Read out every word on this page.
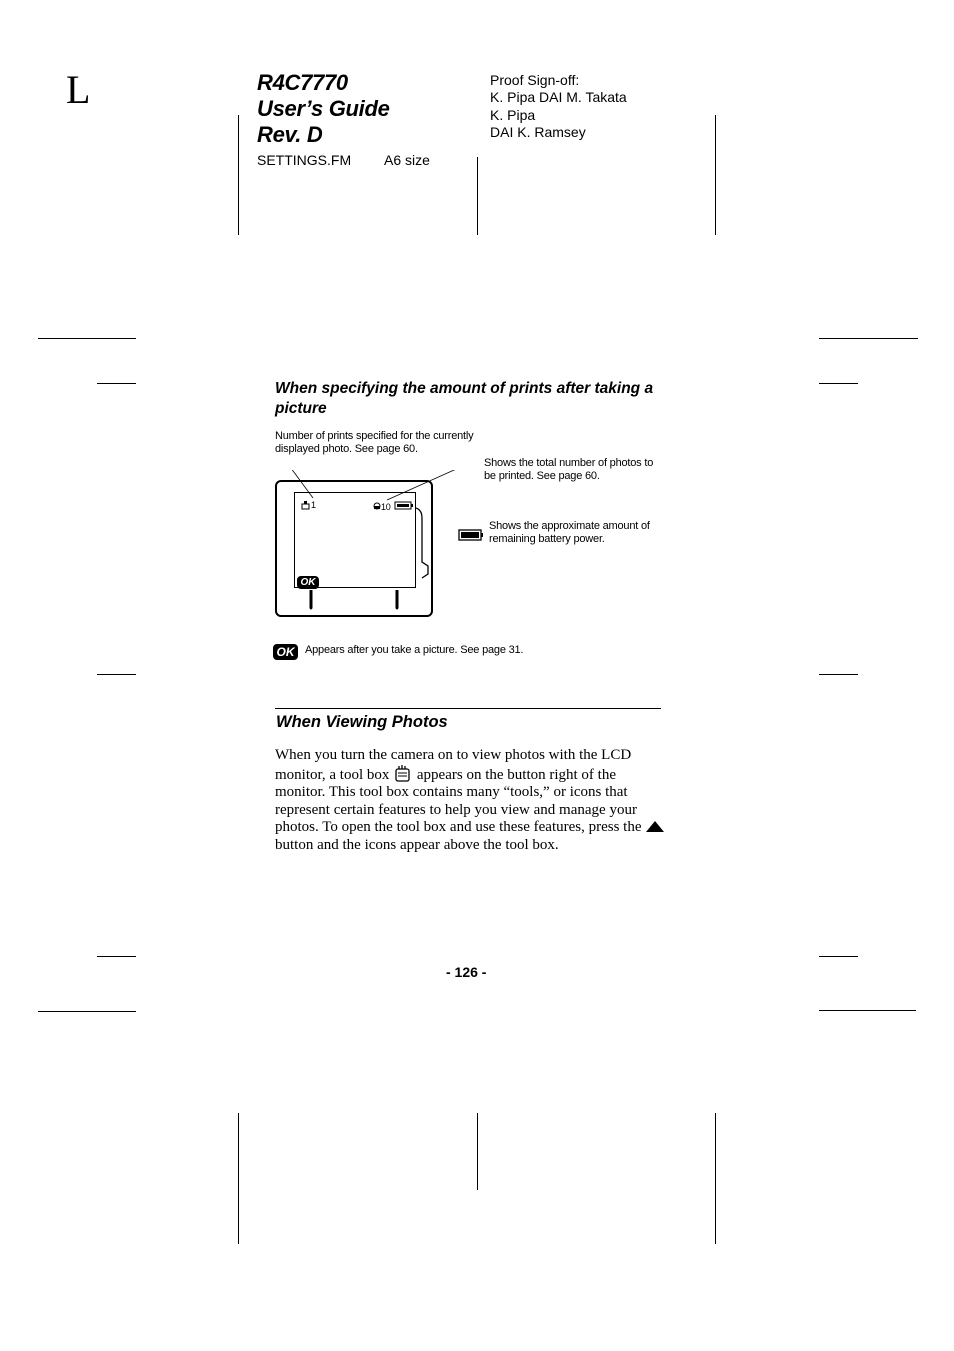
L	R4C7770
User’s Guide
Rev. D
SETTINGS.FM A6 size
Proof Sign-off:
K. Pipa DAI M. Takata
K. Pipa
DAI K. Ramsey
When specifying the amount of prints after taking a picture
Number of prints specified for the currently displayed photo. See page 60.
Shows the total number of photos to be printed. See page 60.
Shows the approximate amount of remaining battery power.
1	10
OK
OK Appears after you take a picture. See page 31.
When Viewing Photos
When you turn the camera on to view photos with the LCD monitor, a tool box appears on the button right of the monitor. This tool box contains many “tools,” or icons that represent certain features to help you view and manage your photos. To open the tool box and use these features, press the  button and the icons appear above the tool box.
- 126 -
